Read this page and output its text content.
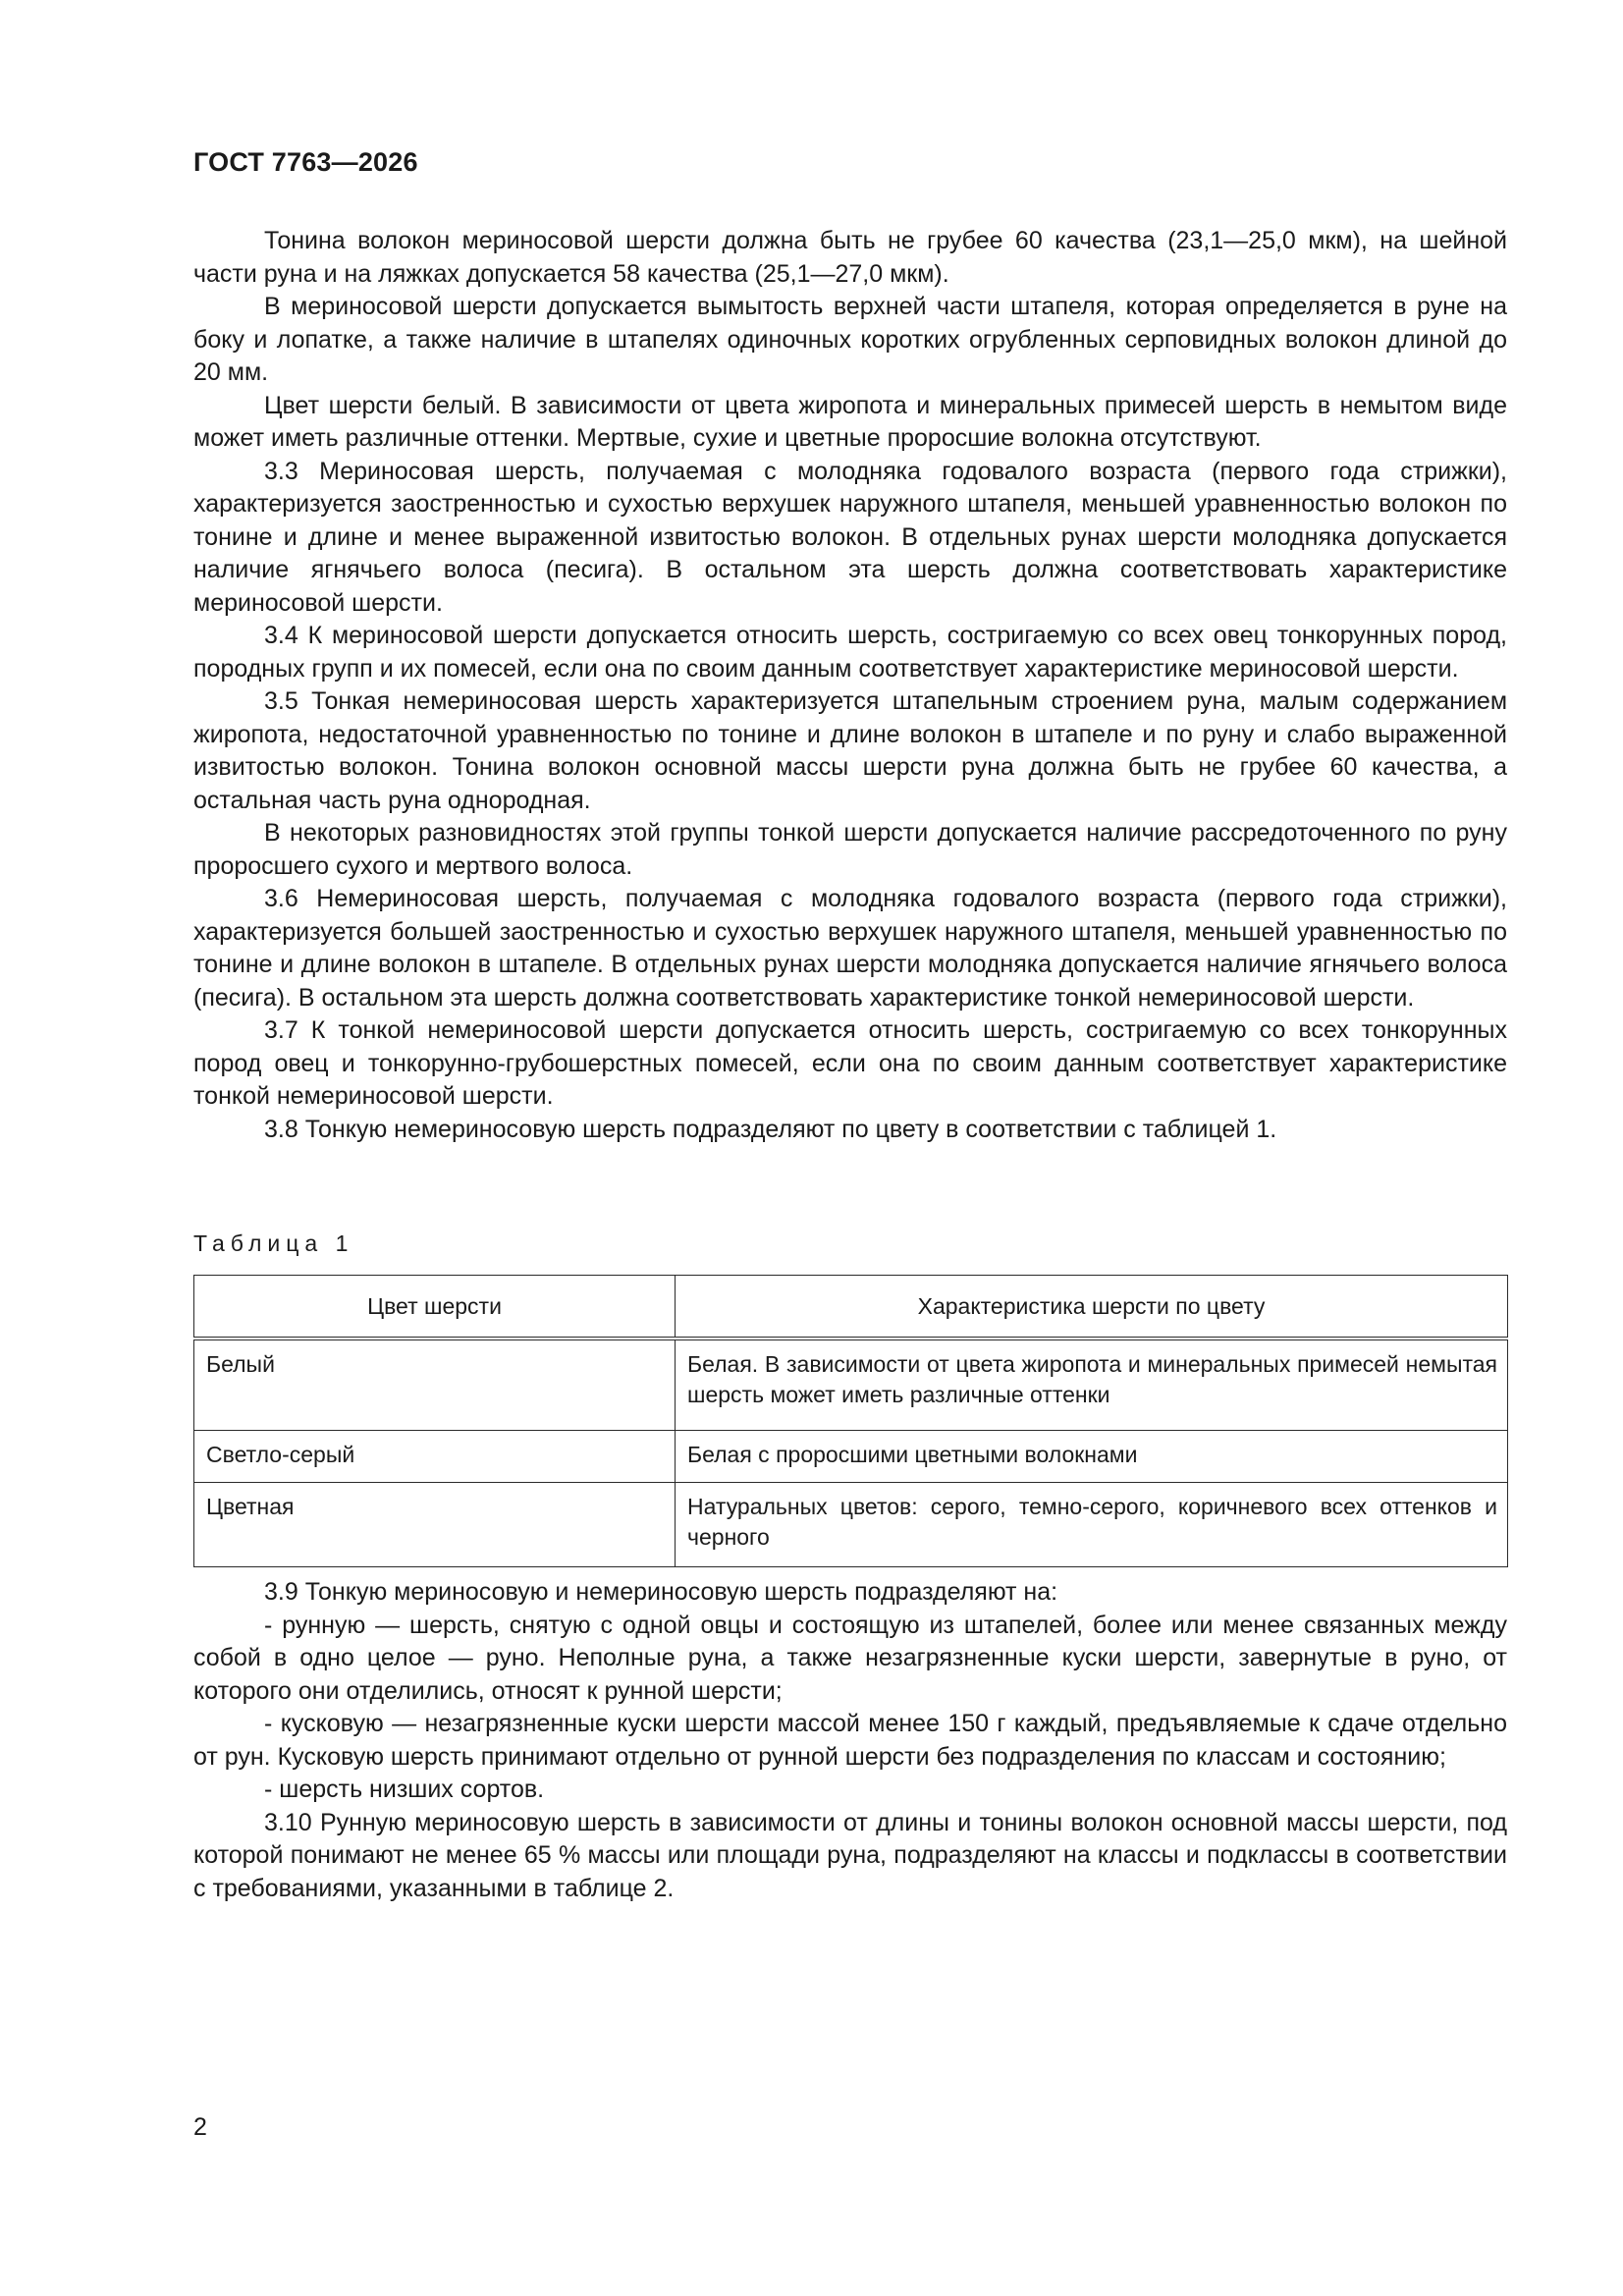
ГОСТ 7763—2026

Тонина волокон мериносовой шерсти должна быть не грубее 60 качества (23,1—25,0 мкм), на шейной части руна и на ляжках допускается 58 качества (25,1—27,0 мкм).

В мериносовой шерсти допускается вымытость верхней части штапеля, которая определяется в руне на боку и лопатке, а также наличие в штапелях одиночных коротких огрубленных серповидных волокон длиной до 20 мм.

Цвет шерсти белый. В зависимости от цвета жиропота и минеральных примесей шерсть в немытом виде может иметь различные оттенки. Мертвые, сухие и цветные проросшие волокна отсутствуют.

3.3 Мериносовая шерсть, получаемая с молодняка годовалого возраста (первого года стрижки), характеризуется заостренностью и сухостью верхушек наружного штапеля, меньшей уравненностью волокон по тонине и длине и менее выраженной извитостью волокон. В отдельных рунах шерсти молодняка допускается наличие ягнячьего волоса (песига). В остальном эта шерсть должна соответствовать характеристике мериносовой шерсти.

3.4 К мериносовой шерсти допускается относить шерсть, состригаемую со всех овец тонкорунных пород, породных групп и их помесей, если она по своим данным соответствует характеристике мериносовой шерсти.

3.5 Тонкая немериносовая шерсть характеризуется штапельным строением руна, малым содержанием жиропота, недостаточной уравненностью по тонине и длине волокон в штапеле и по руну и слабо выраженной извитостью волокон. Тонина волокон основной массы шерсти руна должна быть не грубее 60 качества, а остальная часть руна однородная.

В некоторых разновидностях этой группы тонкой шерсти допускается наличие рассредоточенного по руну проросшего сухого и мертвого волоса.

3.6 Немериносовая шерсть, получаемая с молодняка годовалого возраста (первого года стрижки), характеризуется большей заостренностью и сухостью верхушек наружного штапеля, меньшей уравненностью по тонине и длине волокон в штапеле. В отдельных рунах шерсти молодняка допускается наличие ягнячьего волоса (песига). В остальном эта шерсть должна соответствовать характеристике тонкой немериносовой шерсти.

3.7 К тонкой немериносовой шерсти допускается относить шерсть, состригаемую со всех тонкорунных пород овец и тонкорунно-грубошерстных помесей, если она по своим данным соответствует характеристике тонкой немериносовой шерсти.

3.8 Тонкую немериносовую шерсть подразделяют по цвету в соответствии с таблицей 1.

Таблица 1
Цвет шерсти	Характеристика шерсти по цвету
Белый	Белая. В зависимости от цвета жиропота и минеральных примесей немытая шерсть может иметь различные оттенки
Светло-серый	Белая с проросшими цветными волокнами
Цветная	Натуральных цветов: серого, темно-серого, коричневого всех оттенков и черного

3.9 Тонкую мериносовую и немериносовую шерсть подразделяют на:

- рунную — шерсть, снятую с одной овцы и состоящую из штапелей, более или менее связанных между собой в одно целое — руно. Неполные руна, а также незагрязненные куски шерсти, завернутые в руно, от которого они отделились, относят к рунной шерсти;

- кусковую — незагрязненные куски шерсти массой менее 150 г каждый, предъявляемые к сдаче отдельно от рун. Кусковую шерсть принимают отдельно от рунной шерсти без подразделения по классам и состоянию;

- шерсть низших сортов.

3.10 Рунную мериносовую шерсть в зависимости от длины и тонины волокон основной массы шерсти, под которой понимают не менее 65 % массы или площади руна, подразделяют на классы и подклассы в соответствии с требованиями, указанными в таблице 2.

2
